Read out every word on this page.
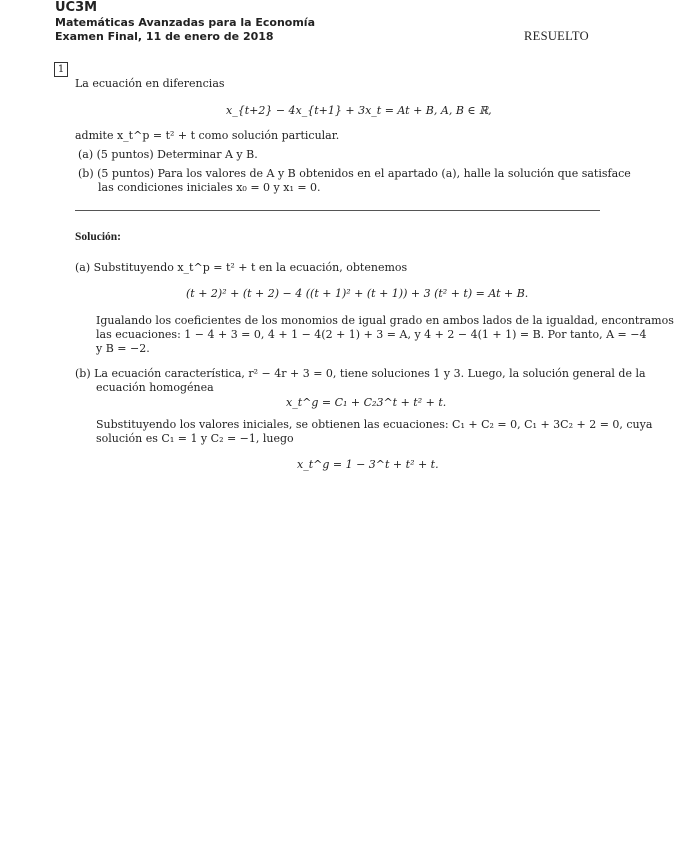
UC3M
Matemáticas Avanzadas para la Economía
Examen Final, 11 de enero de 2018	RESUELTO
1
La ecuación en diferencias
x_{t+2} − 4x_{t+1} + 3x_t = At + B, A, B ∈ ℝ,
admite x_t^p = t² + t como solución particular.
(a) (5 puntos) Determinar A y B.
(b) (5 puntos) Para los valores de A y B obtenidos en el apartado (a), halle la solución que satisface
las condiciones iniciales x₀ = 0 y x₁ = 0.
Solución:
(a) Substituyendo x_t^p = t² + t en la ecuación, obtenemos
(t + 2)² + (t + 2) − 4 ((t + 1)² + (t + 1)) + 3 (t² + t) = At + B.
Igualando los coeficientes de los monomios de igual grado en ambos lados de la igualdad, encontramos
las ecuaciones: 1 − 4 + 3 = 0, 4 + 1 − 4(2 + 1) + 3 = A, y 4 + 2 − 4(1 + 1) = B. Por tanto, A = −4
y B = −2.
(b) La ecuación característica, r² − 4r + 3 = 0, tiene soluciones 1 y 3. Luego, la solución general de la
ecuación homogénea
x_t^g = C₁ + C₂3^t + t² + t.
Substituyendo los valores iniciales, se obtienen las ecuaciones: C₁ + C₂ = 0, C₁ + 3C₂ + 2 = 0, cuya
solución es C₁ = 1 y C₂ = −1, luego
x_t^g = 1 − 3^t + t² + t.
